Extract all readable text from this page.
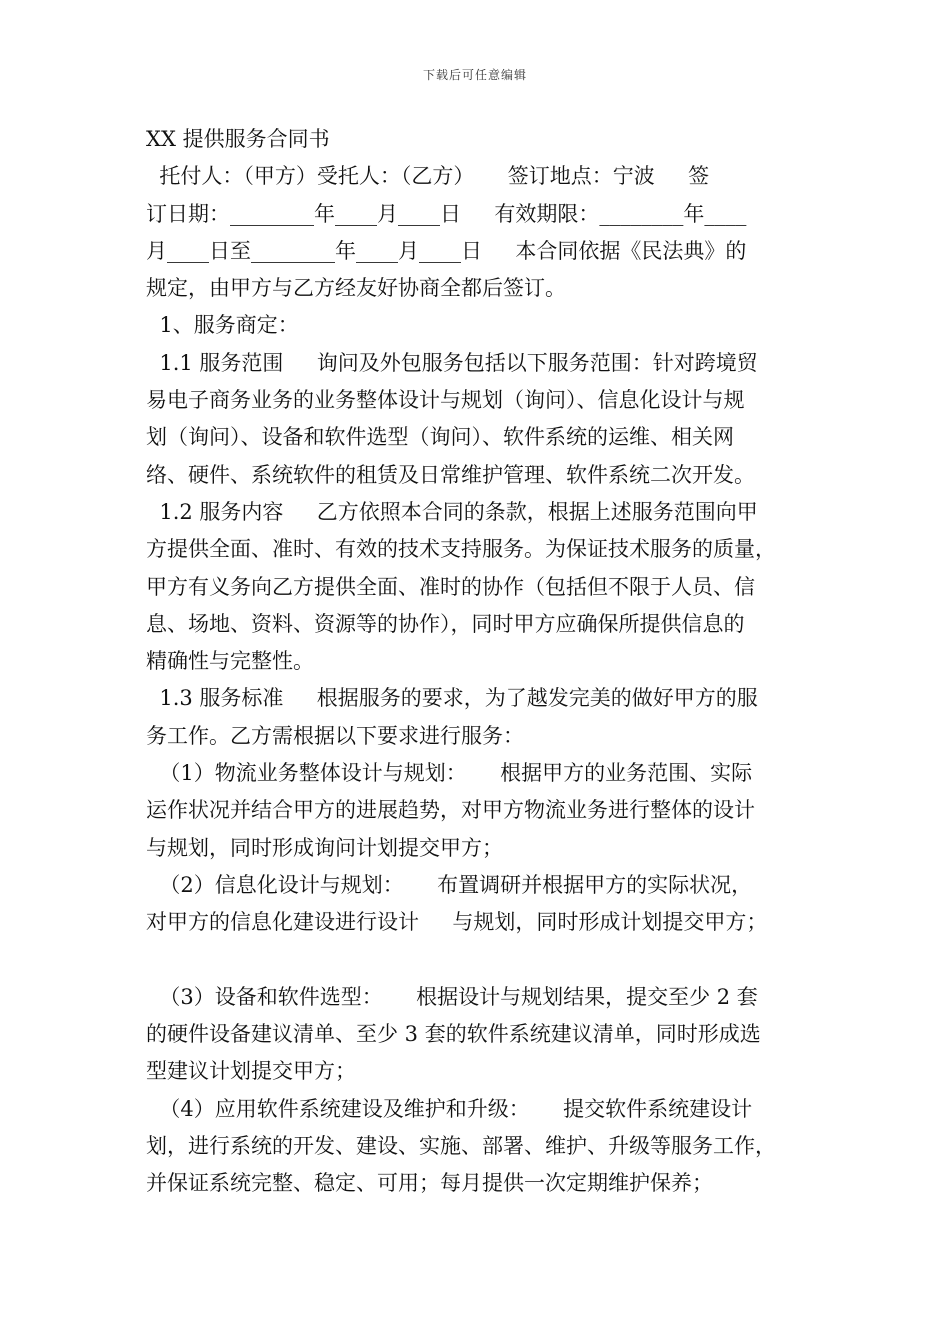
下载后可任意编辑
XX 提供服务合同书
托付人：（甲方）受托人：（乙方）     签订地点：宁波     签
订日期：________年____月____日     有效期限：________年____
月____日至________年____月____日     本合同依据《民法典》的
规定，由甲方与乙方经友好协商全都后签订。
1、服务商定：
1.1 服务范围     询问及外包服务包括以下服务范围：针对跨境贸
易电子商务业务的业务整体设计与规划（询问）、信息化设计与规
划（询问）、设备和软件选型（询问）、软件系统的运维、相关网
络、硬件、系统软件的租赁及日常维护管理、软件系统二次开发。
1.2 服务内容     乙方依照本合同的条款，根据上述服务范围向甲
方提供全面、准时、有效的技术支持服务。为保证技术服务的质量，
甲方有义务向乙方提供全面、准时的协作（包括但不限于人员、信
息、场地、资料、资源等的协作），同时甲方应确保所提供信息的
精确性与完整性。
1.3 服务标准     根据服务的要求，为了越发完美的做好甲方的服
务工作。乙方需根据以下要求进行服务：
（1）物流业务整体设计与规划：     根据甲方的业务范围、实际
运作状况并结合甲方的进展趋势，对甲方物流业务进行整体的设计
与规划，同时形成询问计划提交甲方；
（2）信息化设计与规划：     布置调研并根据甲方的实际状况，
对甲方的信息化建设进行设计     与规划，同时形成计划提交甲方；
（3）设备和软件选型：     根据设计与规划结果，提交至少 2 套
的硬件设备建议清单、至少 3 套的软件系统建议清单，同时形成选
型建议计划提交甲方；
（4）应用软件系统建设及维护和升级：     提交软件系统建设计
划，进行系统的开发、建设、实施、部署、维护、升级等服务工作，
并保证系统完整、稳定、可用；每月提供一次定期维护保养；
